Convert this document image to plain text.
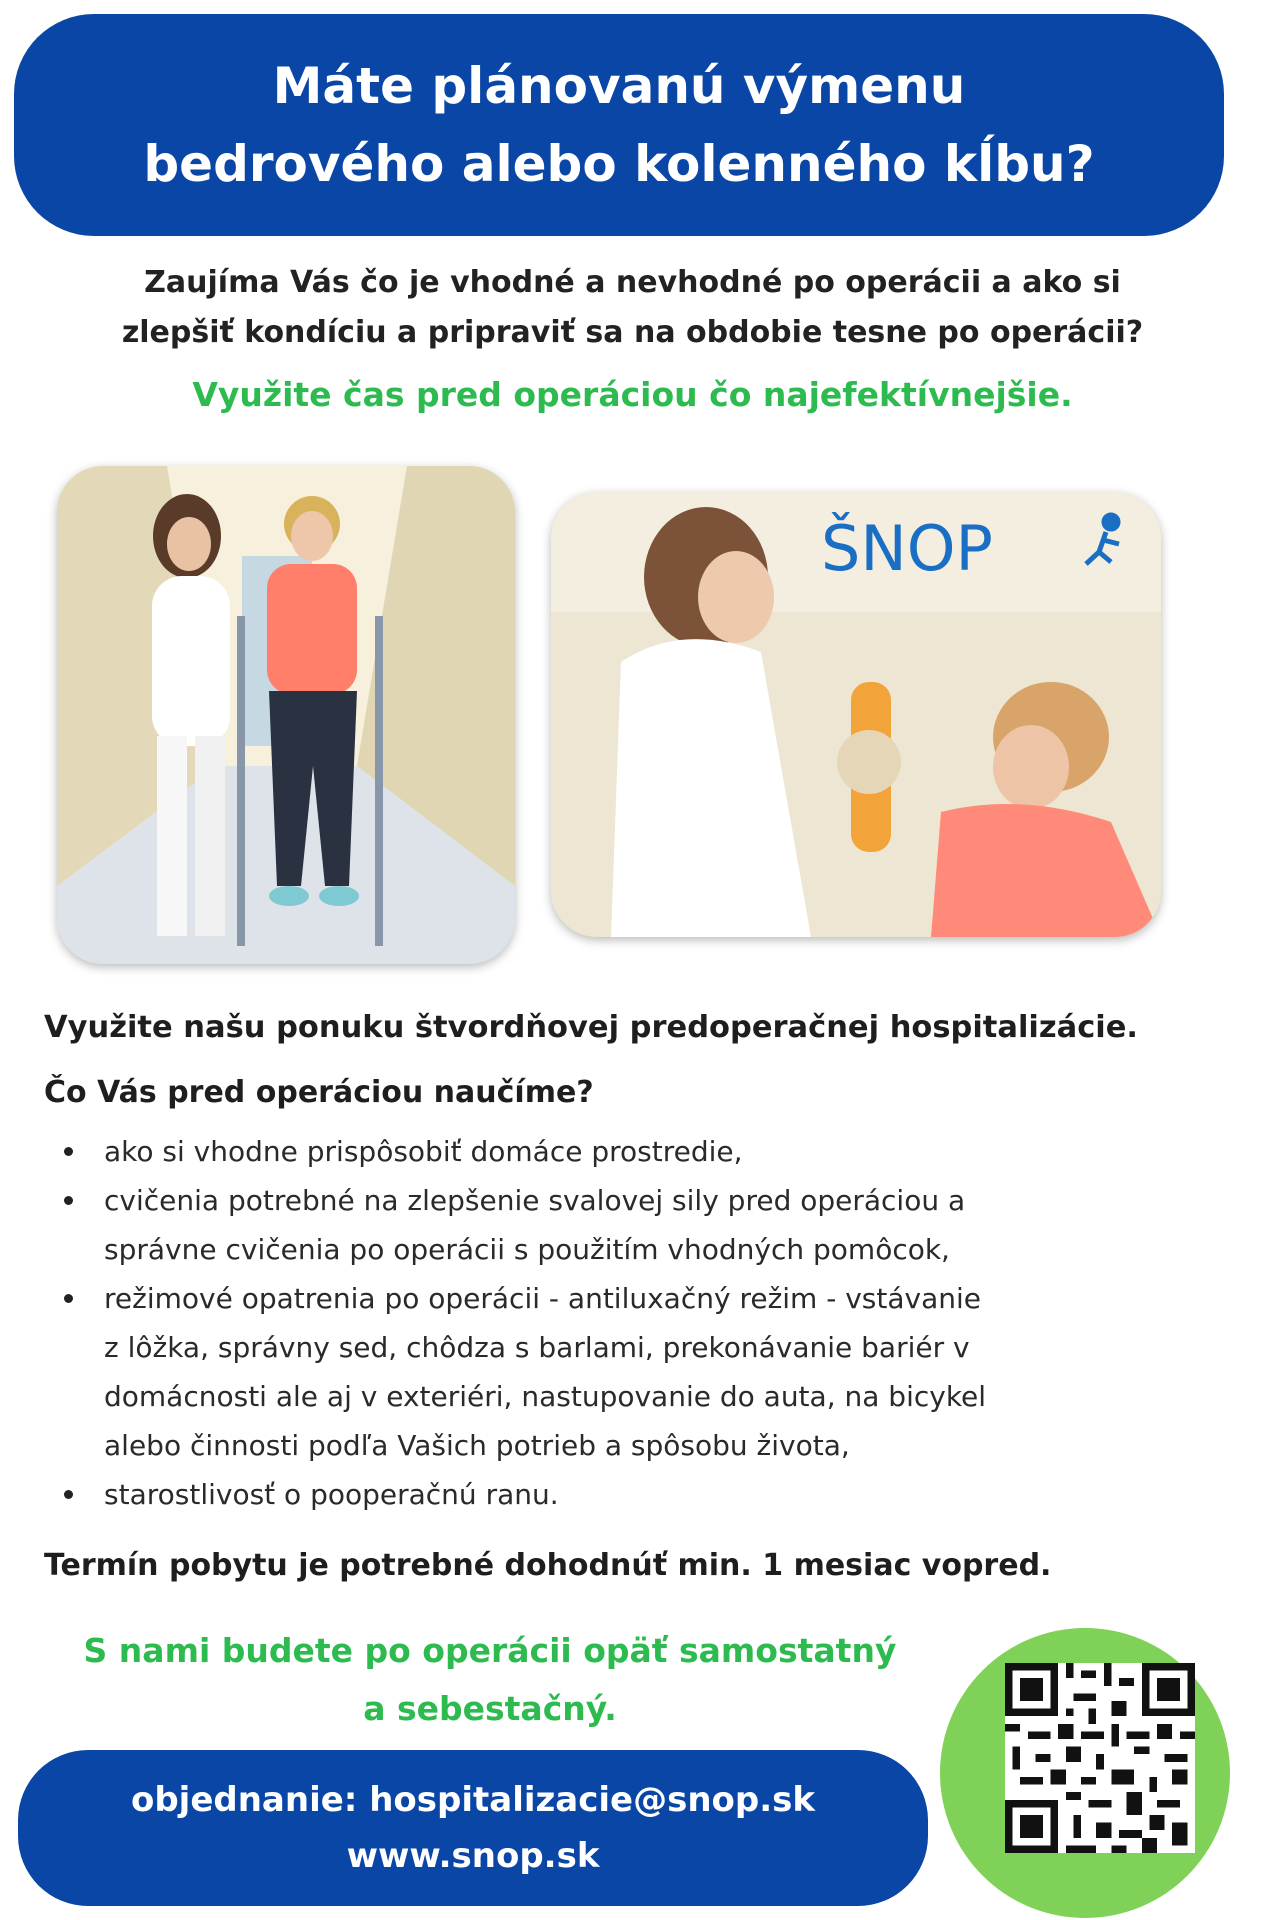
Máte plánovanú výmenu
bedrového alebo kolenného kĺbu?
Zaujíma Vás čo je vhodné a nevhodné po operácii a ako si
zlepšiť kondíciu a pripraviť sa na obdobie tesne po operácii?
Využite čas pred operáciou čo najefektívnejšie.
ŠNOP
Využite našu ponuku štvordňovej predoperačnej hospitalizácie.
Čo Vás pred operáciou naučíme?
ako si vhodne prispôsobiť domáce prostredie,
cvičenia potrebné na zlepšenie svalovej sily pred operáciou a
správne cvičenia po operácii s použitím vhodných pomôcok,
režimové opatrenia po operácii - antiluxačný režim - vstávanie
z lôžka, správny sed, chôdza s barlami, prekonávanie bariér v
domácnosti ale aj v exteriéri, nastupovanie do auta, na bicykel
alebo činnosti podľa Vašich potrieb a spôsobu života,
starostlivosť o pooperačnú ranu.
Termín pobytu je potrebné dohodnúť min. 1 mesiac vopred.
S nami budete po operácii opäť samostatný
a sebestačný.
objednanie: hospitalizacie@snop.sk
www.snop.sk
